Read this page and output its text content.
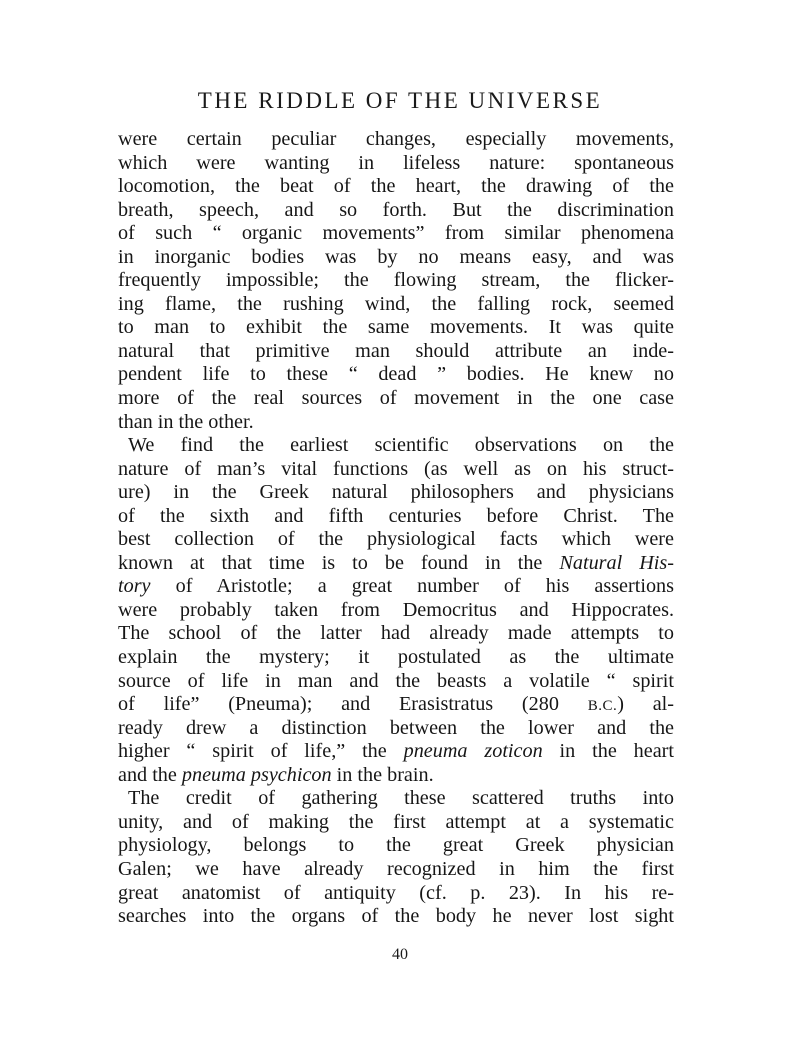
THE RIDDLE OF THE UNIVERSE
were certain peculiar changes, especially movements,
which were wanting in lifeless nature: spontaneous
locomotion, the beat of the heart, the drawing of the
breath, speech, and so forth. But the discrimination
of such “ organic movements” from similar phenomena
in inorganic bodies was by no means easy, and was
frequently impossible; the flowing stream, the flicker-
ing flame, the rushing wind, the falling rock, seemed
to man to exhibit the same movements. It was quite
natural that primitive man should attribute an inde-
pendent life to these “ dead ” bodies. He knew no
more of the real sources of movement in the one case
than in the other.
We find the earliest scientific observations on the
nature of man’s vital functions (as well as on his struct-
ure) in the Greek natural philosophers and physicians
of the sixth and fifth centuries before Christ. The
best collection of the physiological facts which were
known at that time is to be found in the Natural His-
tory of Aristotle; a great number of his assertions
were probably taken from Democritus and Hippocrates.
The school of the latter had already made attempts to
explain the mystery; it postulated as the ultimate
source of life in man and the beasts a volatile “ spirit
of life” (Pneuma); and Erasistratus (280 B.C.) al-
ready drew a distinction between the lower and the
higher “ spirit of life,” the pneuma zoticon in the heart
and the pneuma psychicon in the brain.
The credit of gathering these scattered truths into
unity, and of making the first attempt at a systematic
physiology, belongs to the great Greek physician
Galen; we have already recognized in him the first
great anatomist of antiquity (cf. p. 23). In his re-
searches into the organs of the body he never lost sight
40
